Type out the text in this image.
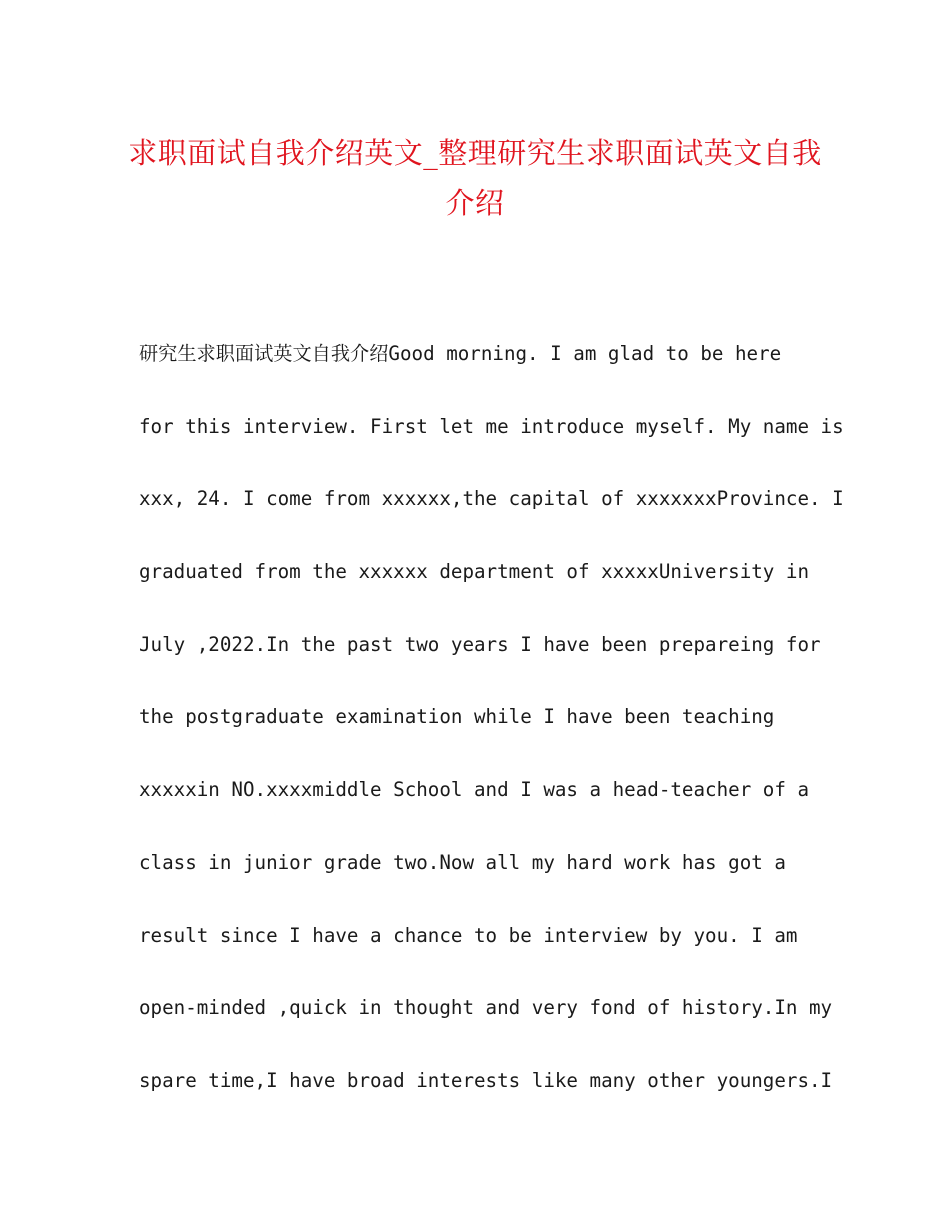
求职面试自我介绍英文_整理研究生求职面试英文自我
介绍
研究生求职面试英文自我介绍Good morning. I am glad to be here
for this interview. First let me introduce myself. My name is
xxx, 24. I come from xxxxxx,the capital of xxxxxxxProvince. I
graduated from the xxxxxx department of xxxxxUniversity in
July ,2022.In the past two years I have been prepareing for
the postgraduate examination while I have been teaching
xxxxxin NO.xxxxmiddle School and I was a head-teacher of a
class in junior grade two.Now all my hard work has got a
result since I have a chance to be interview by you. I am
open-minded ,quick in thought and very fond of history.In my
spare time,I have broad interests like many other youngers.I
